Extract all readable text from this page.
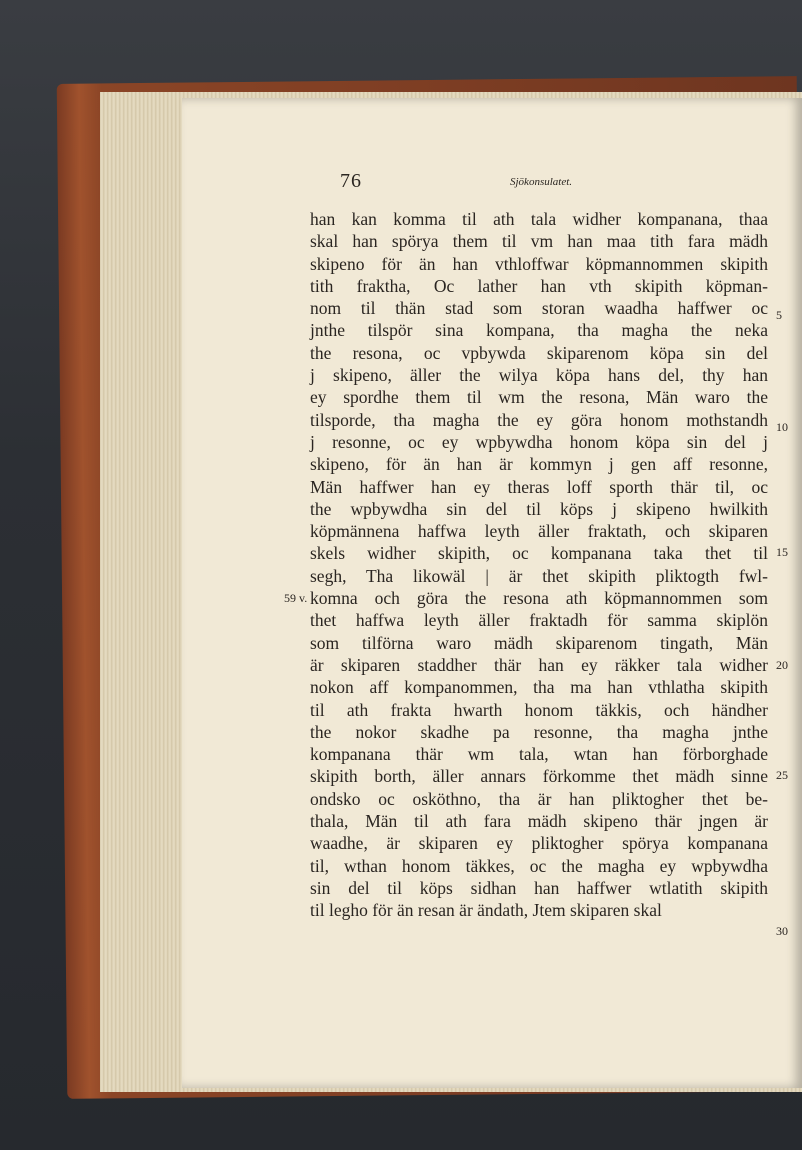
76	Sjökonsulatet.
han kan komma til ath tala widher kompanana, thaa
skal han spörya them til vm han maa tith fara mädh
skipeno för än han vthloffwar köpmannommen skipith
tith fraktha, Oc lather han vth skipith köpman-
nom til thän stad som storan waadha haffwer oc
jnthe tilspör sina kompana, tha magha the neka
the resona, oc vpbywda skiparenom köpa sin del
j skipeno, äller the wilya köpa hans del, thy han
ey spordhe them til wm the resona, Män waro the
tilsporde, tha magha the ey göra honom mothstandh
j resonne, oc ey wpbywdha honom köpa sin del j
skipeno, för än han är kommyn j gen aff resonne,
Män haffwer han ey theras loff sporth thär til, oc
the wpbywdha sin del til köps j skipeno hwilkith
köpmännena haffwa leyth äller fraktath, och skiparen
skels widher skipith, oc kompanana taka thet til
segh, Tha likowäl | är thet skipith pliktogth fwl-
komna och göra the resona ath köpmannommen som
thet haffwa leyth äller fraktadh för samma skiplön
som tilförna waro mädh skiparenom tingath, Män
är skiparen staddher thär han ey räkker tala widher
nokon aff kompanommen, tha ma han vthlatha skipith
til ath frakta hwarth honom täkkis, och händher
the nokor skadhe pa resonne, tha magha jnthe
kompanana thär wm tala, wtan han förborghade
skipith borth, äller annars förkomme thet mädh sinne
ondsko oc osköthno, tha är han pliktogher thet be-
thala, Män til ath fara mädh skipeno thär jngen är
waadhe, är skiparen ey pliktogher spörya kompanana
til, wthan honom täkkes, oc the magha ey wpbywdha
sin del til köps sidhan han haffwer wtlatith skipith
til legho för än resan är ändath, Jtem skiparen skal
59 v.
5
10
15
20
25
30
